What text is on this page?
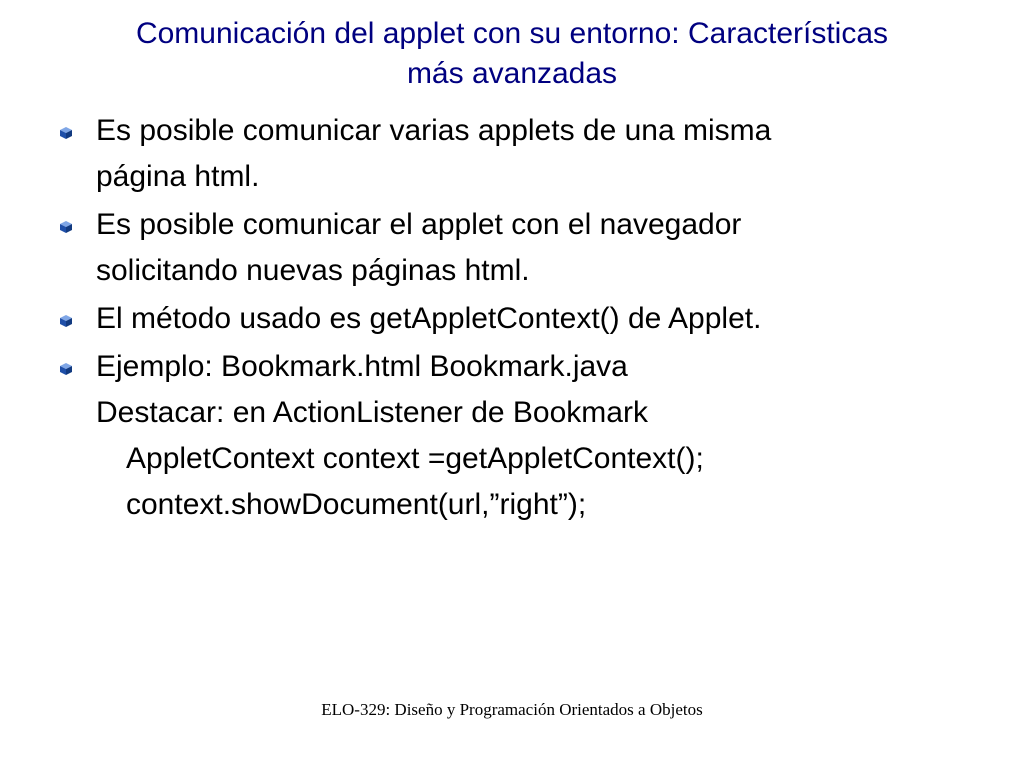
Comunicación del applet con su entorno: Características
más avanzadas
Es posible comunicar varias applets de una misma
página html.
Es posible comunicar el applet con el navegador
solicitando nuevas páginas html.
El método usado es getAppletContext() de Applet.
Ejemplo: Bookmark.html Bookmark.java
Destacar: en ActionListener de Bookmark
AppletContext context =getAppletContext();
context.showDocument(url,”right”);
ELO-329: Diseño y Programación Orientados a Objetos
